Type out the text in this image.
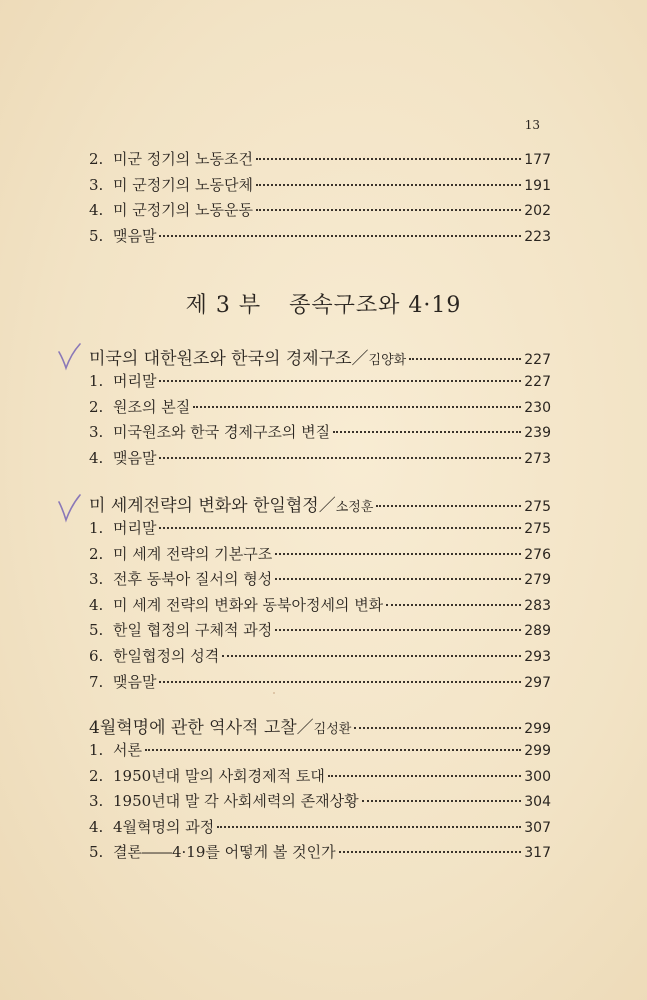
13
2. 미군 정기의 노동조건	177
3. 미 군정기의 노동단체	191
4. 미 군정기의 노동운동	202
5. 맺음말	223
제 3 부 종속구조와 4·19
미국의 대한원조와 한국의 경제구조／ 김양화	227
1. 머리말	227
2. 원조의 본질	230
3. 미국원조와 한국 경제구조의 변질	239
4. 맺음말	273
미 세계전략의 변화와 한일협정／ 소정훈	275
1. 머리말	275
2. 미 세계 전략의 기본구조	276
3. 전후 동북아 질서의 형성	279
4. 미 세계 전략의 변화와 동북아정세의 변화	283
5. 한일 협정의 구체적 과정	289
6. 한일협정의 성격	293
7. 맺음말	297
4월혁명에 관한 역사적 고찰／ 김성환	299
1. 서론	299
2. 1950년대 말의 사회경제적 토대	300
3. 1950년대 말 각 사회세력의 존재상황	304
4. 4월혁명의 과정	307
5. 결론――4·19를 어떻게 볼 것인가	317
